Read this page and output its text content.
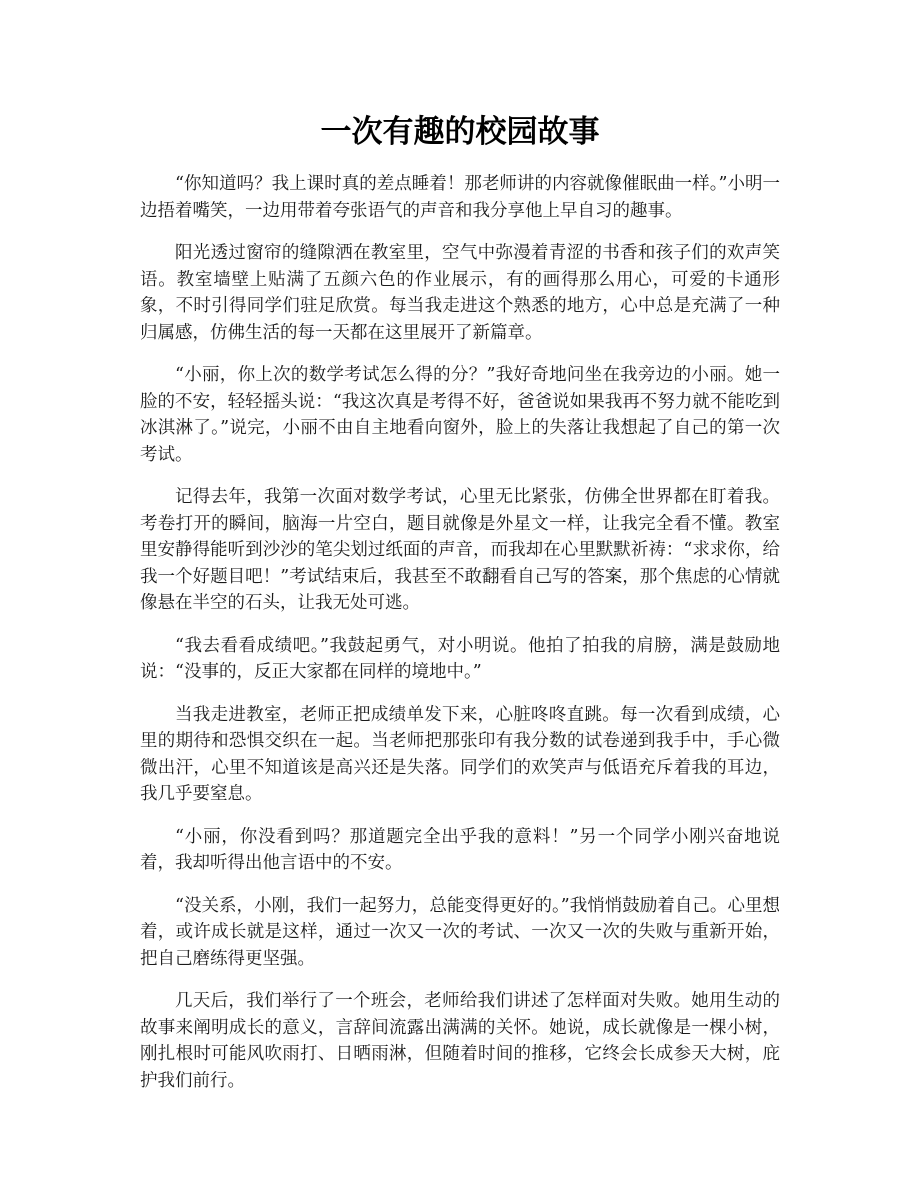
一次有趣的校园故事

“你知道吗？我上课时真的差点睡着！那老师讲的内容就像催眠曲一样。”小明一边捂着嘴笑，一边用带着夸张语气的声音和我分享他上早自习的趣事。

阳光透过窗帘的缝隙洒在教室里，空气中弥漫着青涩的书香和孩子们的欢声笑语。教室墙壁上贴满了五颜六色的作业展示，有的画得那么用心，可爱的卡通形象，不时引得同学们驻足欣赏。每当我走进这个熟悉的地方，心中总是充满了一种归属感，仿佛生活的每一天都在这里展开了新篇章。

“小丽，你上次的数学考试怎么得的分？”我好奇地问坐在我旁边的小丽。她一脸的不安，轻轻摇头说：“我这次真是考得不好，爸爸说如果我再不努力就不能吃到冰淇淋了。”说完，小丽不由自主地看向窗外，脸上的失落让我想起了自己的第一次考试。

记得去年，我第一次面对数学考试，心里无比紧张，仿佛全世界都在盯着我。考卷打开的瞬间，脑海一片空白，题目就像是外星文一样，让我完全看不懂。教室里安静得能听到沙沙的笔尖划过纸面的声音，而我却在心里默默祈祷：“求求你，给我一个好题目吧！”考试结束后，我甚至不敢翻看自己写的答案，那个焦虑的心情就像悬在半空的石头，让我无处可逃。

“我去看看成绩吧。”我鼓起勇气，对小明说。他拍了拍我的肩膀，满是鼓励地说：“没事的，反正大家都在同样的境地中。”

当我走进教室，老师正把成绩单发下来，心脏咚咚直跳。每一次看到成绩，心里的期待和恐惧交织在一起。当老师把那张印有我分数的试卷递到我手中，手心微微出汗，心里不知道该是高兴还是失落。同学们的欢笑声与低语充斥着我的耳边，我几乎要窒息。

“小丽，你没看到吗？那道题完全出乎我的意料！”另一个同学小刚兴奋地说着，我却听得出他言语中的不安。

“没关系，小刚，我们一起努力，总能变得更好的。”我悄悄鼓励着自己。心里想着，或许成长就是这样，通过一次又一次的考试、一次又一次的失败与重新开始，把自己磨练得更坚强。

几天后，我们举行了一个班会，老师给我们讲述了怎样面对失败。她用生动的故事来阐明成长的意义，言辞间流露出满满的关怀。她说，成长就像是一棵小树，刚扎根时可能风吹雨打、日晒雨淋，但随着时间的推移，它终会长成参天大树，庇护我们前行。
